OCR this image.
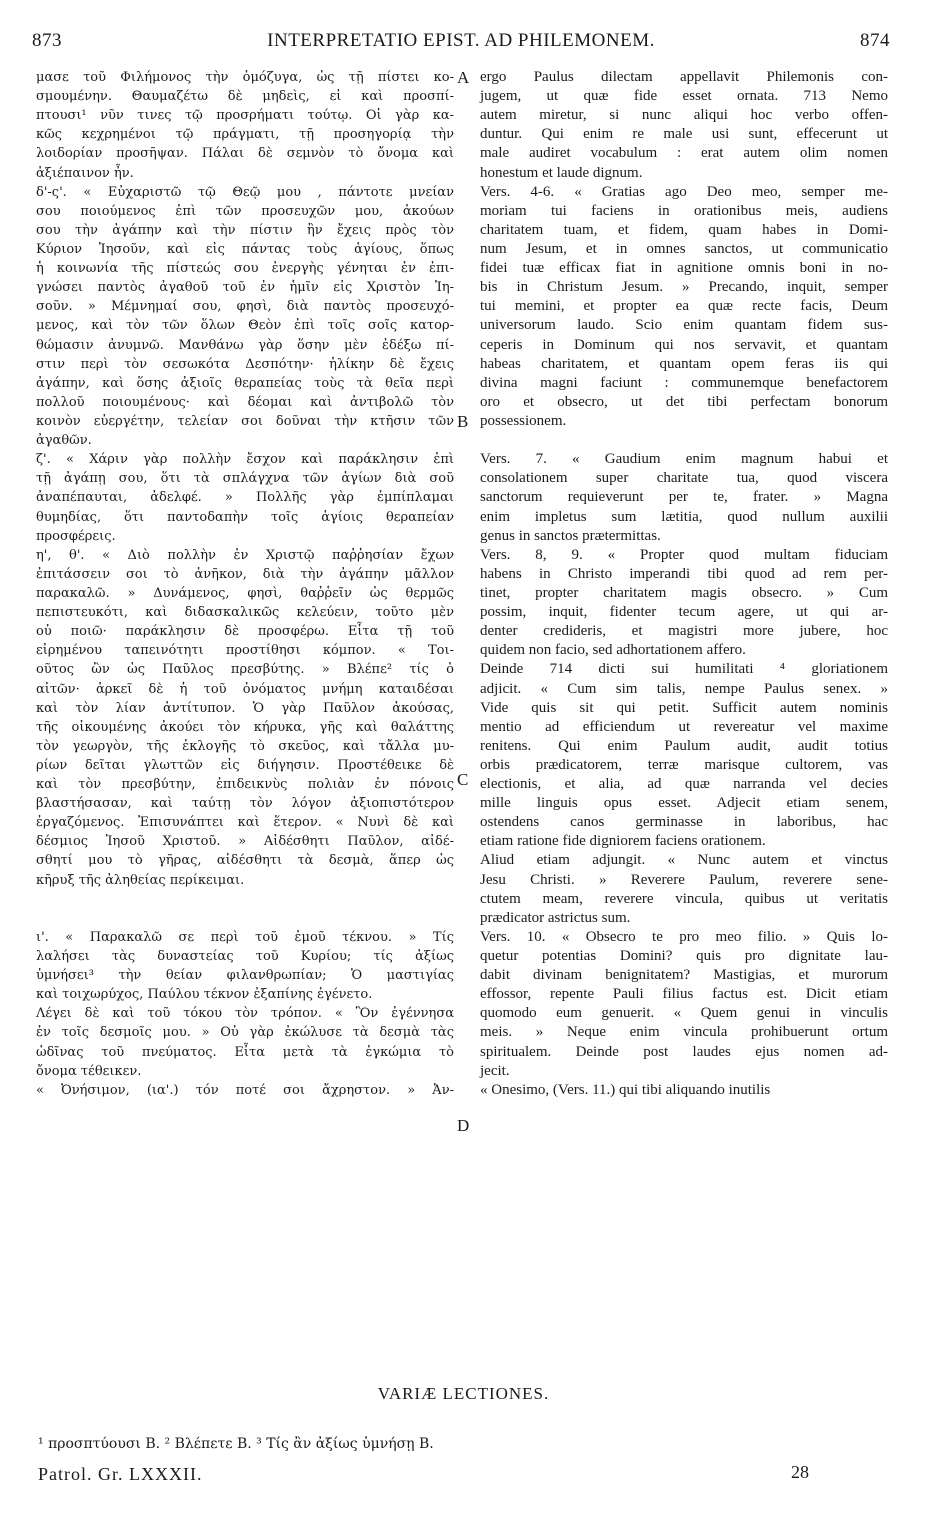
873	INTERPRETATIO EPIST. AD PHILEMONEM.	874
μασε τοῦ Φιλήμονος τὴν ὁμόζυγα, ὡς τῇ πίστει κο-
σμουμένην. Θαυμαζέτω δὲ μηδεὶς, εἰ καὶ προσπί-
πτουσι¹ νῦν τινες τῷ προσρήματι τούτῳ. Οἱ γὰρ κα-
κῶς κεχρημένοι τῷ πράγματι, τῇ προσηγορίᾳ τὴν
λοιδορίαν προσῆψαν. Πάλαι δὲ σεμνὸν τὸ ὄνομα καὶ
ἀξιέπαινον ἦν.
δ'-ς'. « Εὐχαριστῶ τῷ Θεῷ μου , πάντοτε μνείαν
σου ποιούμενος ἐπὶ τῶν προσευχῶν μου, ἀκούων
σου τὴν ἀγάπην καὶ τὴν πίστιν ἣν ἔχεις πρὸς τὸν
Κύριον Ἰησοῦν, καὶ εἰς πάντας τοὺς ἁγίους, ὅπως
ἡ κοινωνία τῆς πίστεώς σου ἐνεργὴς γένηται ἐν ἐπι-
γνώσει παντὸς ἀγαθοῦ τοῦ ἐν ἡμῖν εἰς Χριστὸν Ἰη-
σοῦν. » Μέμνημαί σου, φησὶ, διὰ παντὸς προσευχό-
μενος, καὶ τὸν τῶν ὅλων Θεὸν ἐπὶ τοῖς σοῖς κατορ-
θώμασιν ἀνυμνῶ. Μανθάνω γὰρ ὅσην μὲν ἐδέξω πί-
στιν περὶ τὸν σεσωκότα Δεσπότην· ἡλίκην δὲ ἔχεις
ἀγάπην, καὶ ὅσης ἀξιοῖς θεραπείας τοὺς τὰ θεῖα περὶ
πολλοῦ ποιουμένους· καὶ δέομαι καὶ ἀντιβολῶ τὸν
κοινὸν εὐεργέτην, τελείαν σοι δοῦναι τὴν κτῆσιν τῶν
ἀγαθῶν.
ζ'. « Χάριν γὰρ πολλὴν ἔσχον καὶ παράκλησιν ἐπὶ
τῇ ἀγάπῃ σου, ὅτι τὰ σπλάγχνα τῶν ἁγίων διὰ σοῦ
ἀναπέπαυται, ἀδελφέ. » Πολλῆς γὰρ ἐμπίπλαμαι
θυμηδίας, ὅτι παντοδαπὴν τοῖς ἁγίοις θεραπείαν
προσφέρεις.
η', θ'. « Διὸ πολλὴν ἐν Χριστῷ παῤῥησίαν ἔχων
ἐπιτάσσειν σοι τὸ ἀνῆκον, διὰ τὴν ἀγάπην μᾶλλον
παρακαλῶ. » Δυνάμενος, φησὶ, θαῤῥεῖν ὡς θερμῶς
πεπιστευκότι, καὶ διδασκαλικῶς κελεύειν, τοῦτο μὲν
οὐ ποιῶ· παράκλησιν δὲ προσφέρω. Εἶτα τῇ τοῦ
εἰρημένου ταπεινότητι προστίθησι κόμπον. « Τοι-
οῦτος ὢν ὡς Παῦλος πρεσβύτης. » Βλέπε² τίς ὁ
αἰτῶν· ἀρκεῖ δὲ ἡ τοῦ ὀνόματος μνήμη καταιδέσαι
καὶ τὸν λίαν ἀντίτυπον. Ὁ γὰρ Παῦλον ἀκούσας,
τῆς οἰκουμένης ἀκούει τὸν κήρυκα, γῆς καὶ θαλάττης
τὸν γεωργὸν, τῆς ἐκλογῆς τὸ σκεῦος, καὶ τἄλλα μυ-
ρίων δεῖται γλωττῶν εἰς διήγησιν. Προστέθεικε δὲ
καὶ τὸν πρεσβύτην, ἐπιδεικνὺς πολιὰν ἐν πόνοις
βλαστήσασαν, καὶ ταύτῃ τὸν λόγον ἀξιοπιστότερον
ἐργαζόμενος. Ἐπισυνάπτει καὶ ἕτερον. « Νυνὶ δὲ καὶ
δέσμιος Ἰησοῦ Χριστοῦ. » Αἰδέσθητι Παῦλον, αἰδέ-
σθητί μου τὸ γῆρας, αἰδέσθητι τὰ δεσμὰ, ἅπερ ὡς
κῆρυξ τῆς ἀληθείας περίκειμαι.
ι'. « Παρακαλῶ σε περὶ τοῦ ἐμοῦ τέκνου. » Τίς
λαλήσει τὰς δυναστείας τοῦ Κυρίου; τίς ἀξίως
ὑμνήσει³ τὴν θείαν φιλανθρωπίαν; Ὁ μαστιγίας
καὶ τοιχωρύχος, Παύλου τέκνον ἐξαπίνης ἐγένετο.
Λέγει δὲ καὶ τοῦ τόκου τὸν τρόπον. « Ὃν ἐγέννησα
ἐν τοῖς δεσμοῖς μου. » Οὐ γὰρ ἐκώλυσε τὰ δεσμὰ τὰς
ὠδῖνας τοῦ πνεύματος. Εἶτα μετὰ τὰ ἐγκώμια τὸ
ὄνομα τέθεικεν.
« Ὀνήσιμον, (ια'.) τόν ποτέ σοι ἄχρηστον. » Ἀν-
ergo Paulus dilectam appellavit Philemonis con-
jugem, ut quæ fide esset ornata. 713 Nemo
autem miretur, si nunc aliqui hoc verbo offen-
duntur. Qui enim re male usi sunt, effecerunt ut
male audiret vocabulum : erat autem olim nomen
honestum et laude dignum.
Vers. 4-6. « Gratias ago Deo meo, semper me-
moriam tui faciens in orationibus meis, audiens
charitatem tuam, et fidem, quam habes in Domi-
num Jesum, et in omnes sanctos, ut communicatio
fidei tuæ efficax fiat in agnitione omnis boni in no-
bis in Christum Jesum. » Precando, inquit, semper
tui memini, et propter ea quæ recte facis, Deum
universorum laudo. Scio enim quantam fidem sus-
ceperis in Dominum qui nos servavit, et quantam
habeas charitatem, et quantam opem feras iis qui
divina magni faciunt : communemque benefactorem
oro et obsecro, ut det tibi perfectam bonorum
possessionem.
Vers. 7. « Gaudium enim magnum habui et
consolationem super charitate tua, quod viscera
sanctorum requieverunt per te, frater. » Magna
enim impletus sum lætitia, quod nullum auxilii
genus in sanctos prætermittas.
Vers. 8, 9. « Propter quod multam fiduciam
habens in Christo imperandi tibi quod ad rem per-
tinet, propter charitatem magis obsecro. » Cum
possim, inquit, fidenter tecum agere, ut qui ar-
denter credideris, et magistri more jubere, hoc
quidem non facio, sed adhortationem affero.
Deinde 714 dicti sui humilitati ⁴ gloriationem
adjicit. « Cum sim talis, nempe Paulus senex. »
Vide quis sit qui petit. Sufficit autem nominis
mentio ad efficiendum ut revereatur vel maxime
renitens. Qui enim Paulum audit, audit totius
orbis prædicatorem, terræ marisque cultorem, vas
electionis, et alia, ad quæ narranda vel decies
mille linguis opus esset. Adjecit etiam senem,
ostendens canos germinasse in laboribus, hac
etiam ratione fide digniorem faciens orationem.
Aliud etiam adjungit. « Nunc autem et vinctus
Jesu Christi. » Reverere Paulum, reverere sene-
ctutem meam, reverere vincula, quibus ut veritatis
prædicator astrictus sum.
Vers. 10. « Obsecro te pro meo filio. » Quis lo-
quetur potentias Domini? quis pro dignitate lau-
dabit divinam benignitatem? Mastigias, et murorum
effossor, repente Pauli filius factus est. Dicit etiam
quomodo eum genuerit. « Quem genui in vinculis
meis. » Neque enim vincula prohibuerunt ortum
spiritualem. Deinde post laudes ejus nomen ad-
jecit.
« Onesimo, (Vers. 11.) qui tibi aliquando inutilis
A
B
C
D
VARIÆ LECTIONES.
¹ προσπτύουσι B. ² Βλέπετε B. ³ Τίς ἂν ἀξίως ὑμνήσῃ B.
Patrol. Gr. LXXXII.	28
